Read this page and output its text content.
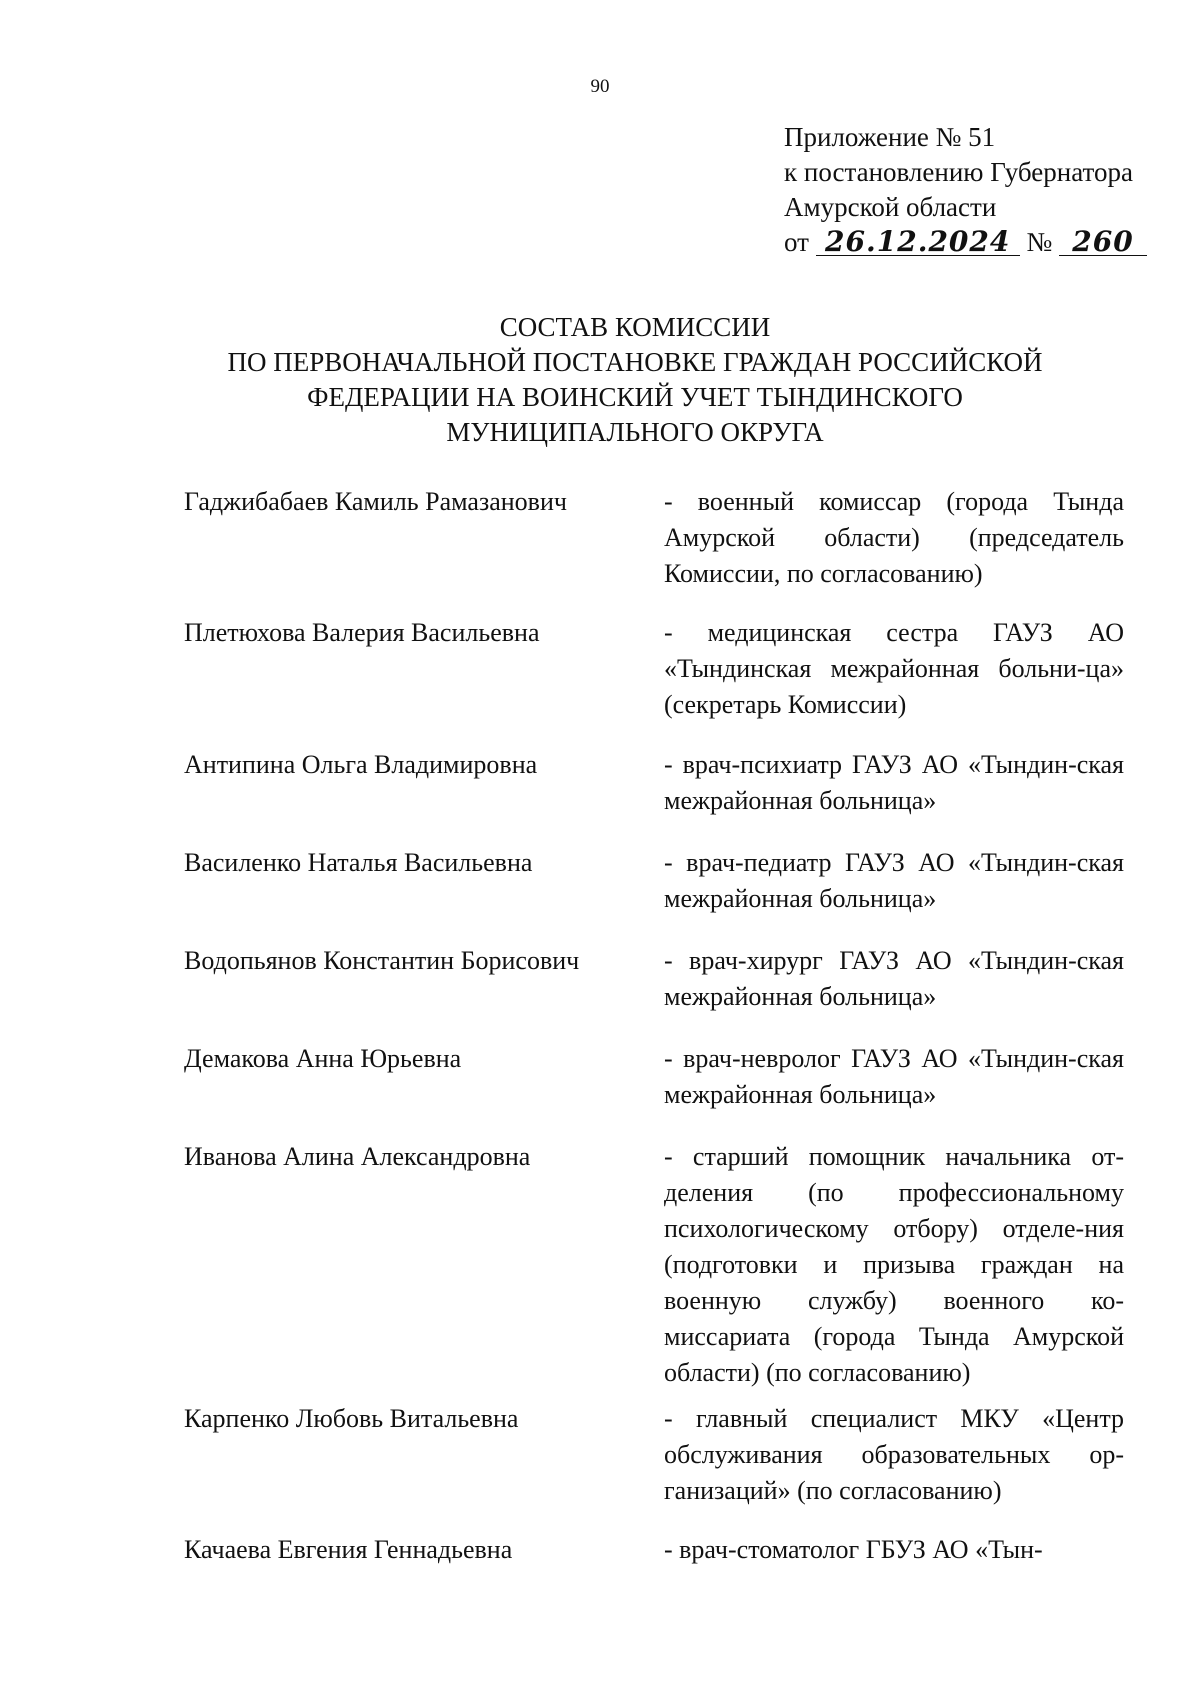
90
Приложение № 51
к постановлению Губернатора
Амурской области
от 26.12.2024 № 260
СОСТАВ КОМИССИИ
ПО ПЕРВОНАЧАЛЬНОЙ ПОСТАНОВКЕ ГРАЖДАН РОССИЙСКОЙ
ФЕДЕРАЦИИ НА ВОИНСКИЙ УЧЕТ ТЫНДИНСКОГО
МУНИЦИПАЛЬНОГО ОКРУГА
Гаджибабаев Камиль Рамазанович	- военный комиссар (города Тында Амурской области) (председатель Комиссии, по согласованию)
Плетюхова Валерия Васильевна	- медицинская сестра ГАУЗ АО «Тындинская межрайонная больни-ца» (секретарь Комиссии)
Антипина Ольга Владимировна	- врач-психиатр ГАУЗ АО «Тындин-ская межрайонная больница»
Василенко Наталья Васильевна	- врач-педиатр ГАУЗ АО «Тындин-ская межрайонная больница»
Водопьянов Константин Борисович	- врач-хирург ГАУЗ АО «Тындин-ская межрайонная больница»
Демакова Анна Юрьевна	- врач-невролог ГАУЗ АО «Тындин-ская межрайонная больница»
Иванова Алина Александровна	- старший помощник начальника от-деления (по профессиональному психологическому отбору) отделе-ния (подготовки и призыва граждан на военную службу) военного ко-миссариата (города Тында Амурской области) (по согласованию)
Карпенко Любовь Витальевна	- главный специалист МКУ «Центр обслуживания образовательных ор-ганизаций» (по согласованию)
Качаева Евгения Геннадьевна	- врач-стоматолог ГБУЗ АО «Тын-
